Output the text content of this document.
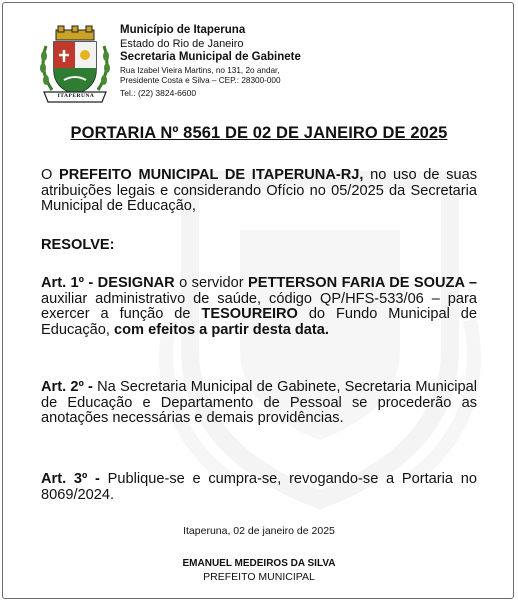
Município de Itaperuna
Estado do Rio de Janeiro
Secretaria Municipal de Gabinete
Rua Izabel Vieira Martins, no 131, 2o andar,
Presidente Costa e Silva – CEP.: 28300-000
Tel.: (22) 3824-6600
ITAPERUNA
PORTARIA Nº 8561 DE 02 DE JANEIRO DE 2025
O PREFEITO MUNICIPAL DE ITAPERUNA-RJ, no uso de suas atribuições legais e considerando Ofício no 05/2025 da Secretaria Municipal de Educação,
RESOLVE:
Art. 1º - DESIGNAR o servidor PETTERSON FARIA DE SOUZA – auxiliar administrativo de saúde, código QP/HFS-533/06 – para exercer a função de TESOUREIRO do Fundo Municipal de Educação, com efeitos a partir desta data.
Art. 2º - Na Secretaria Municipal de Gabinete, Secretaria Municipal de Educação e Departamento de Pessoal se procederão as anotações necessárias e demais providências.
Art. 3º - Publique-se e cumpra-se, revogando-se a Portaria no 8069/2024.
Itaperuna, 02 de janeiro de 2025
EMANUEL MEDEIROS DA SILVA
PREFEITO MUNICIPAL
